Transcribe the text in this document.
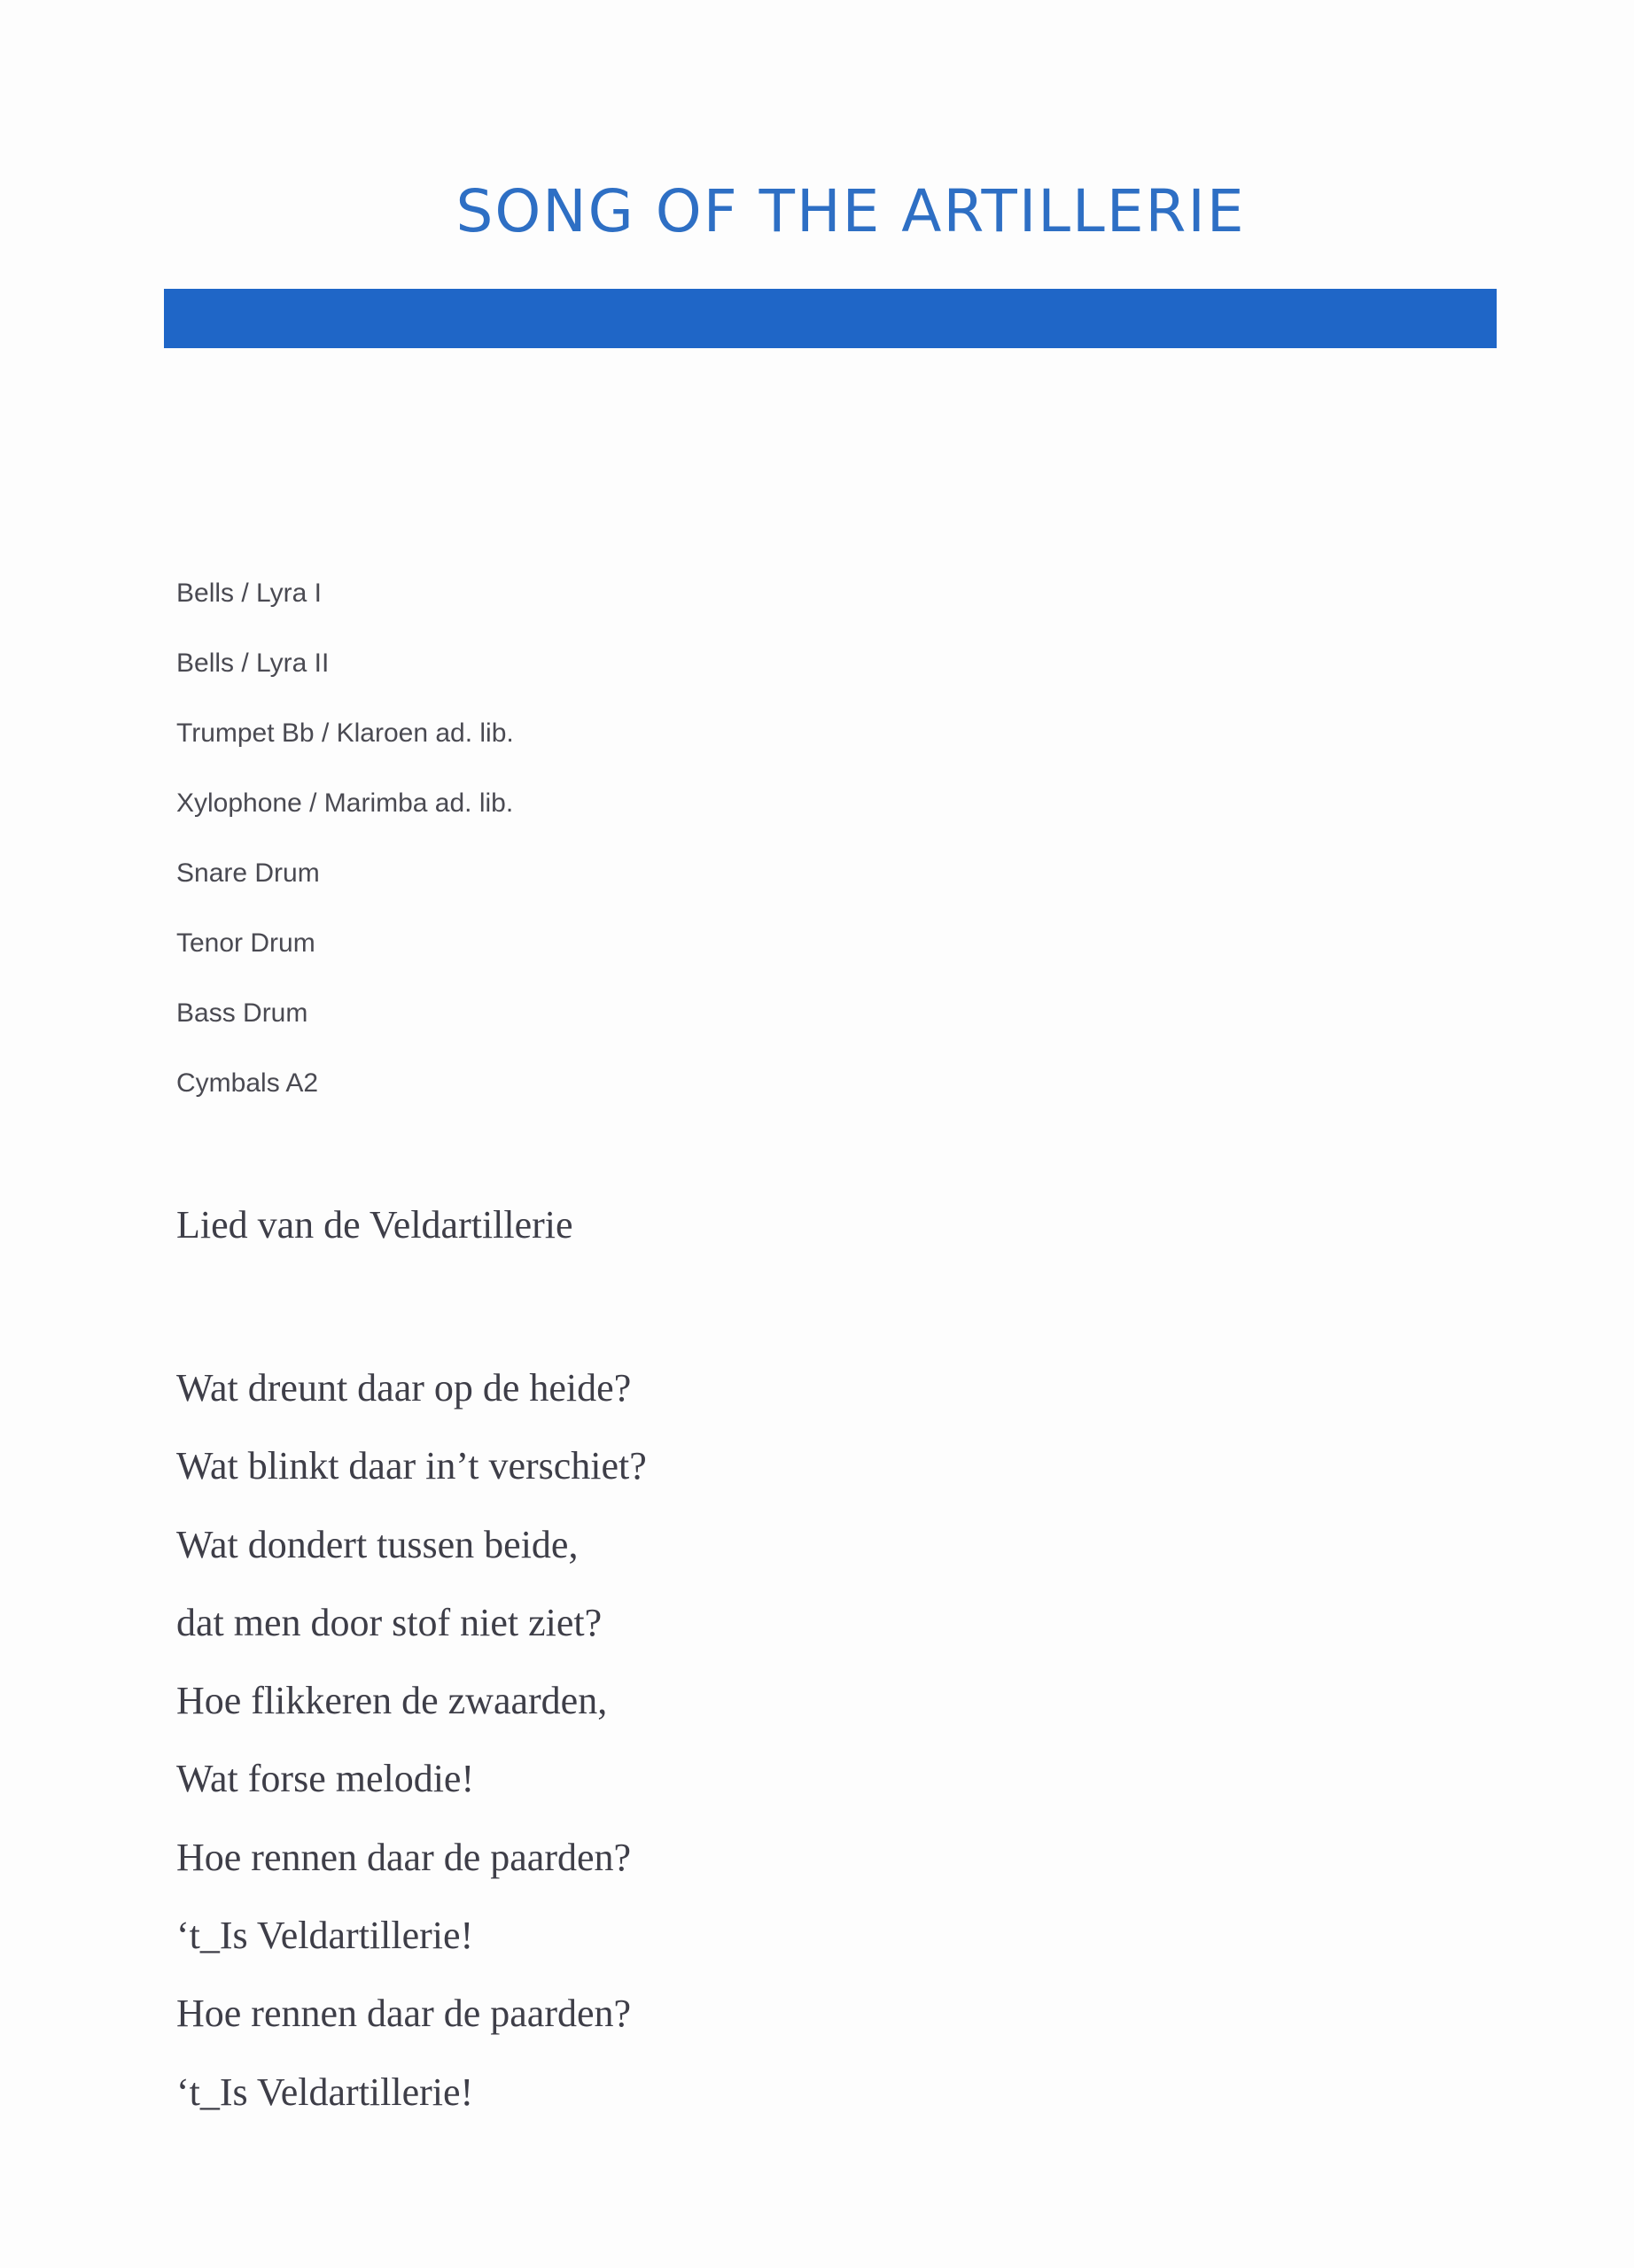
SONG OF THE ARTILLERIE
Bells / Lyra I
Bells / Lyra II
Trumpet Bb / Klaroen ad. lib.
Xylophone / Marimba ad. lib.
Snare Drum
Tenor Drum
Bass Drum
Cymbals A2
Lied van de Veldartillerie
Wat dreunt daar op de heide?
Wat blinkt daar in’t verschiet?
Wat dondert tussen beide,
dat men door stof niet ziet?
Hoe flikkeren de zwaarden,
Wat forse melodie!
Hoe rennen daar de paarden?
‘t_Is Veldartillerie!
Hoe rennen daar de paarden?
‘t_Is Veldartillerie!
